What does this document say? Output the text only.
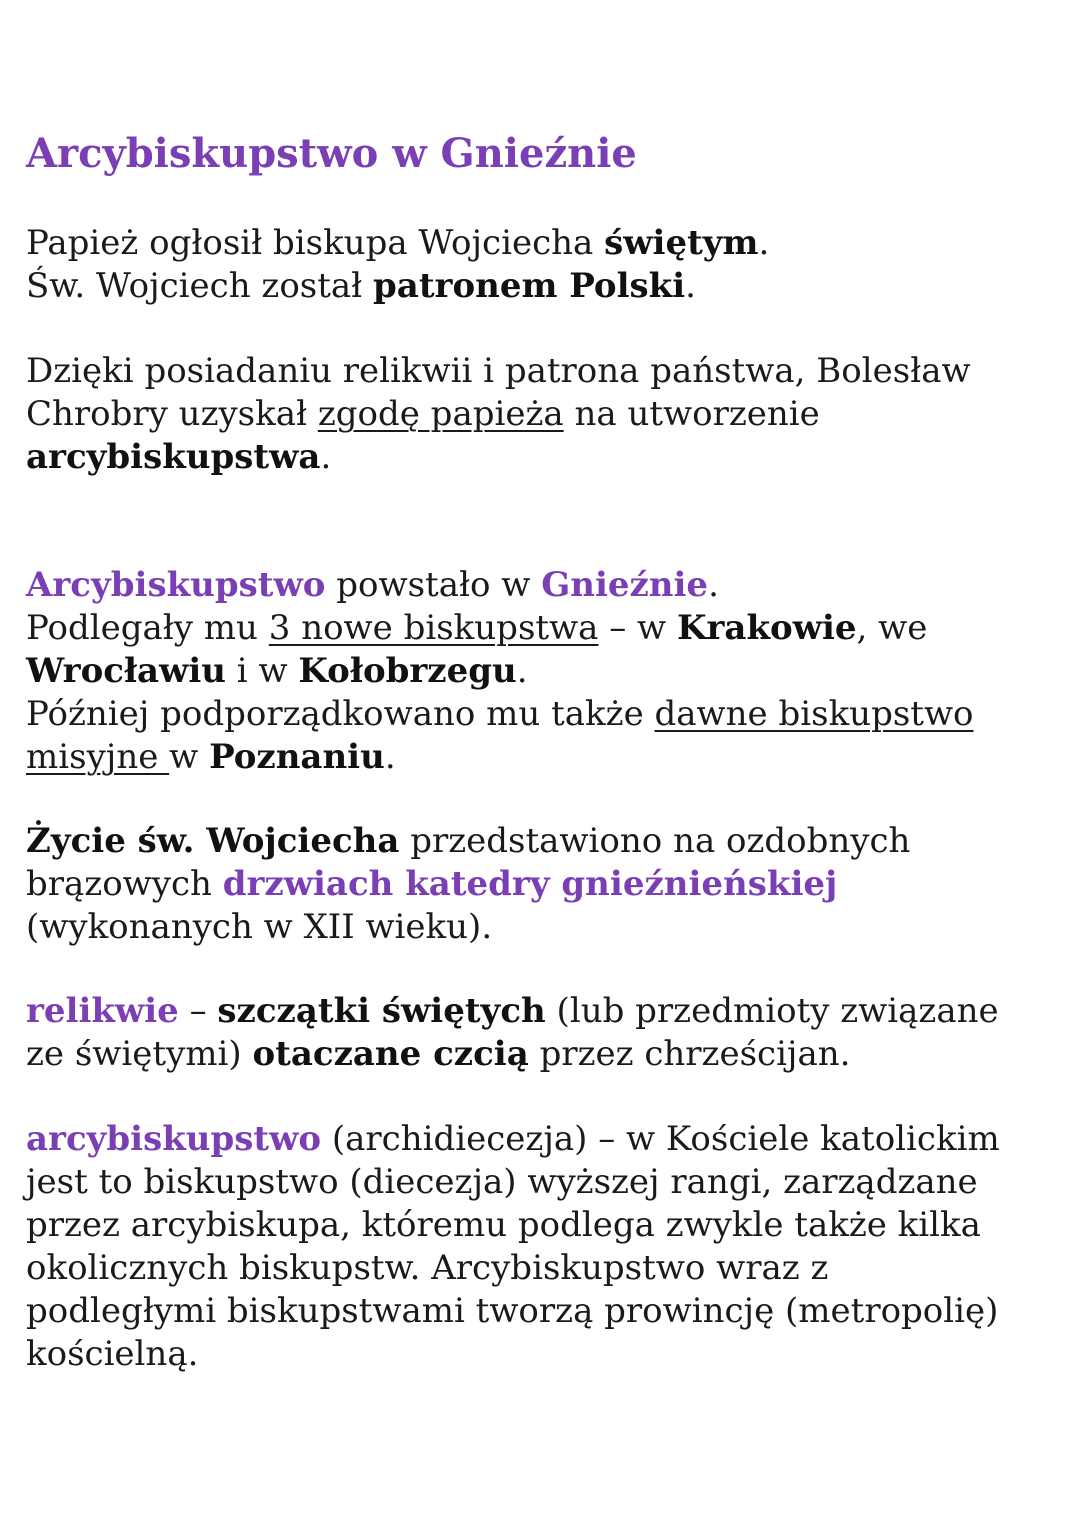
Arcybiskupstwo w Gnieźnie

Papież ogłosił biskupa Wojciecha świętym.
Św. Wojciech został patronem Polski.

Dzięki posiadaniu relikwii i patrona państwa, Bolesław
Chrobry uzyskał zgodę papieża na utworzenie
arcybiskupstwa.

Arcybiskupstwo powstało w Gnieźnie.
Podlegały mu 3 nowe biskupstwa – w Krakowie, we
Wrocławiu i w Kołobrzegu.
Później podporządkowano mu także dawne biskupstwo
misyjne w Poznaniu.

Życie św. Wojciecha przedstawiono na ozdobnych
brązowych drzwiach katedry gnieźnieńskiej
(wykonanych w XII wieku).

relikwie – szczątki świętych (lub przedmioty związane
ze świętymi) otaczane czcią przez chrześcijan.

arcybiskupstwo (archidiecezja) – w Kościele katolickim
jest to biskupstwo (diecezja) wyższej rangi, zarządzane
przez arcybiskupa, któremu podlega zwykle także kilka
okolicznych biskupstw. Arcybiskupstwo wraz z
podległymi biskupstwami tworzą prowincję (metropolię)
kościelną.
